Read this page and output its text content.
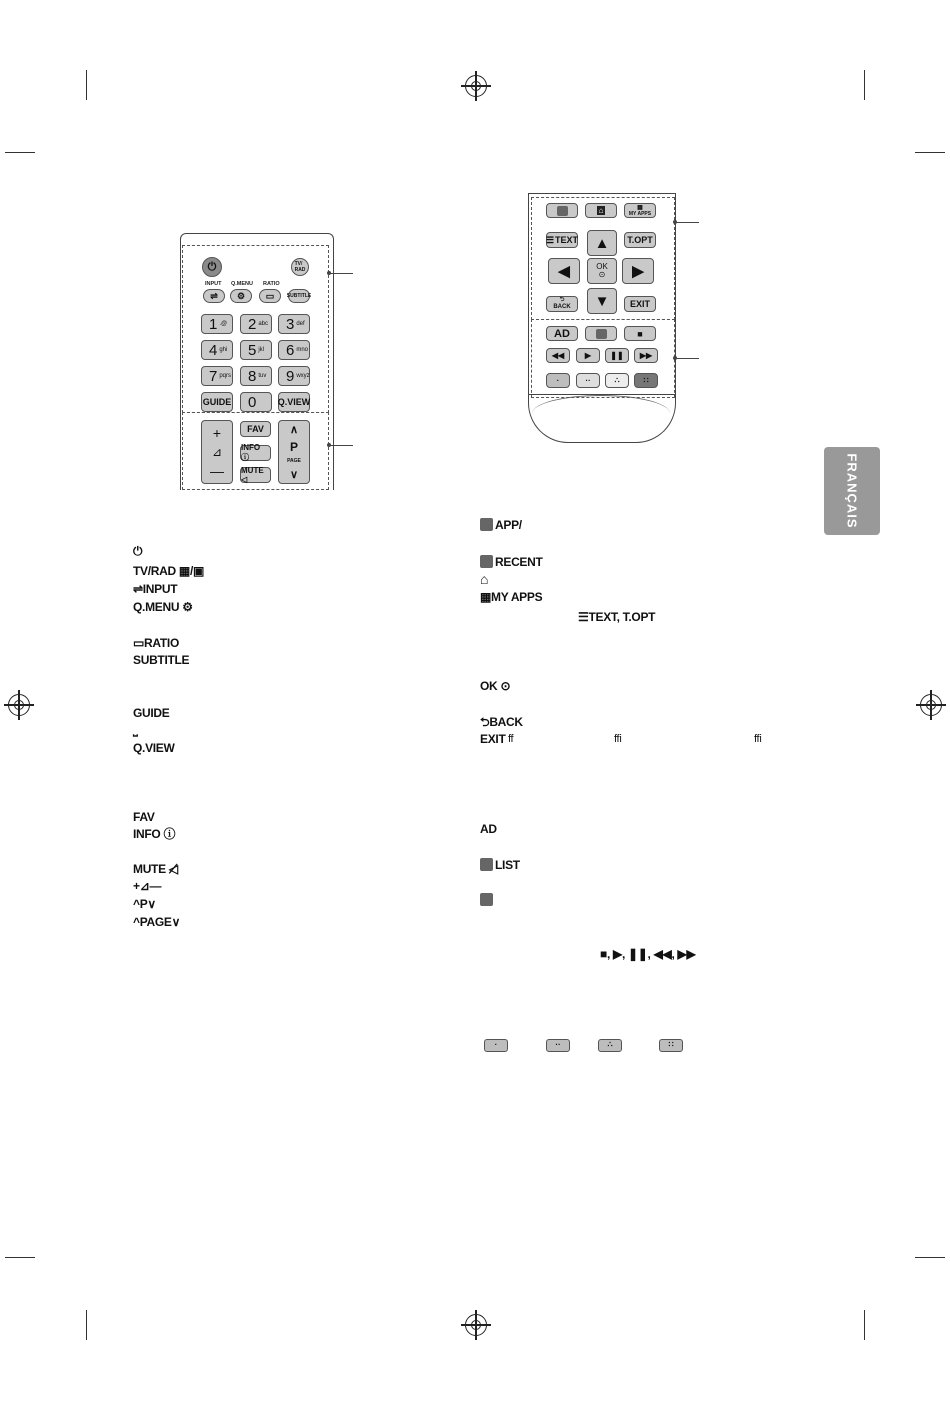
FRANÇAIS
⏻	TV/
RAD
INPUT Q.MENU RATIO
⇌	⚙	▭	SUBTITLE
1 .@ 2 abc 3 def
4 ghi 5 jkl 6 mno
7 pqrs 8 tuv 9 wxyz
GUIDE	0	Q.VIEW
+
⊿
—
FAV
INFO ⓘ
MUTE ◁
∧
P
PAGE
∨
⌂	▦
MY APPS
☰ TEXT	T.OPT
▲
◀	OK
⊙	▶
▼
⮌
BACK	EXIT
AD	■
◀◀	▶	❚❚	▶▶
·	··	∴	∷
⏻
TV/RAD ▦/▣
⇌INPUT
Q.MENU ⚙
▭RATIO
SUBTITLE
GUIDE
⎵
Q.VIEW
FAV
INFO ⓘ
MUTE ◁̸
+⊿—
^P∨
^PAGE∨
APP/
RECENT
⌂
▦MY APPS
☰TEXT, T.OPT
OK ⊙
⮌BACK
EXIT ff	ffi	ffi
AD
LIST
■, ▶, ❚❚, ◀◀, ▶▶
·	··	∴	∷
